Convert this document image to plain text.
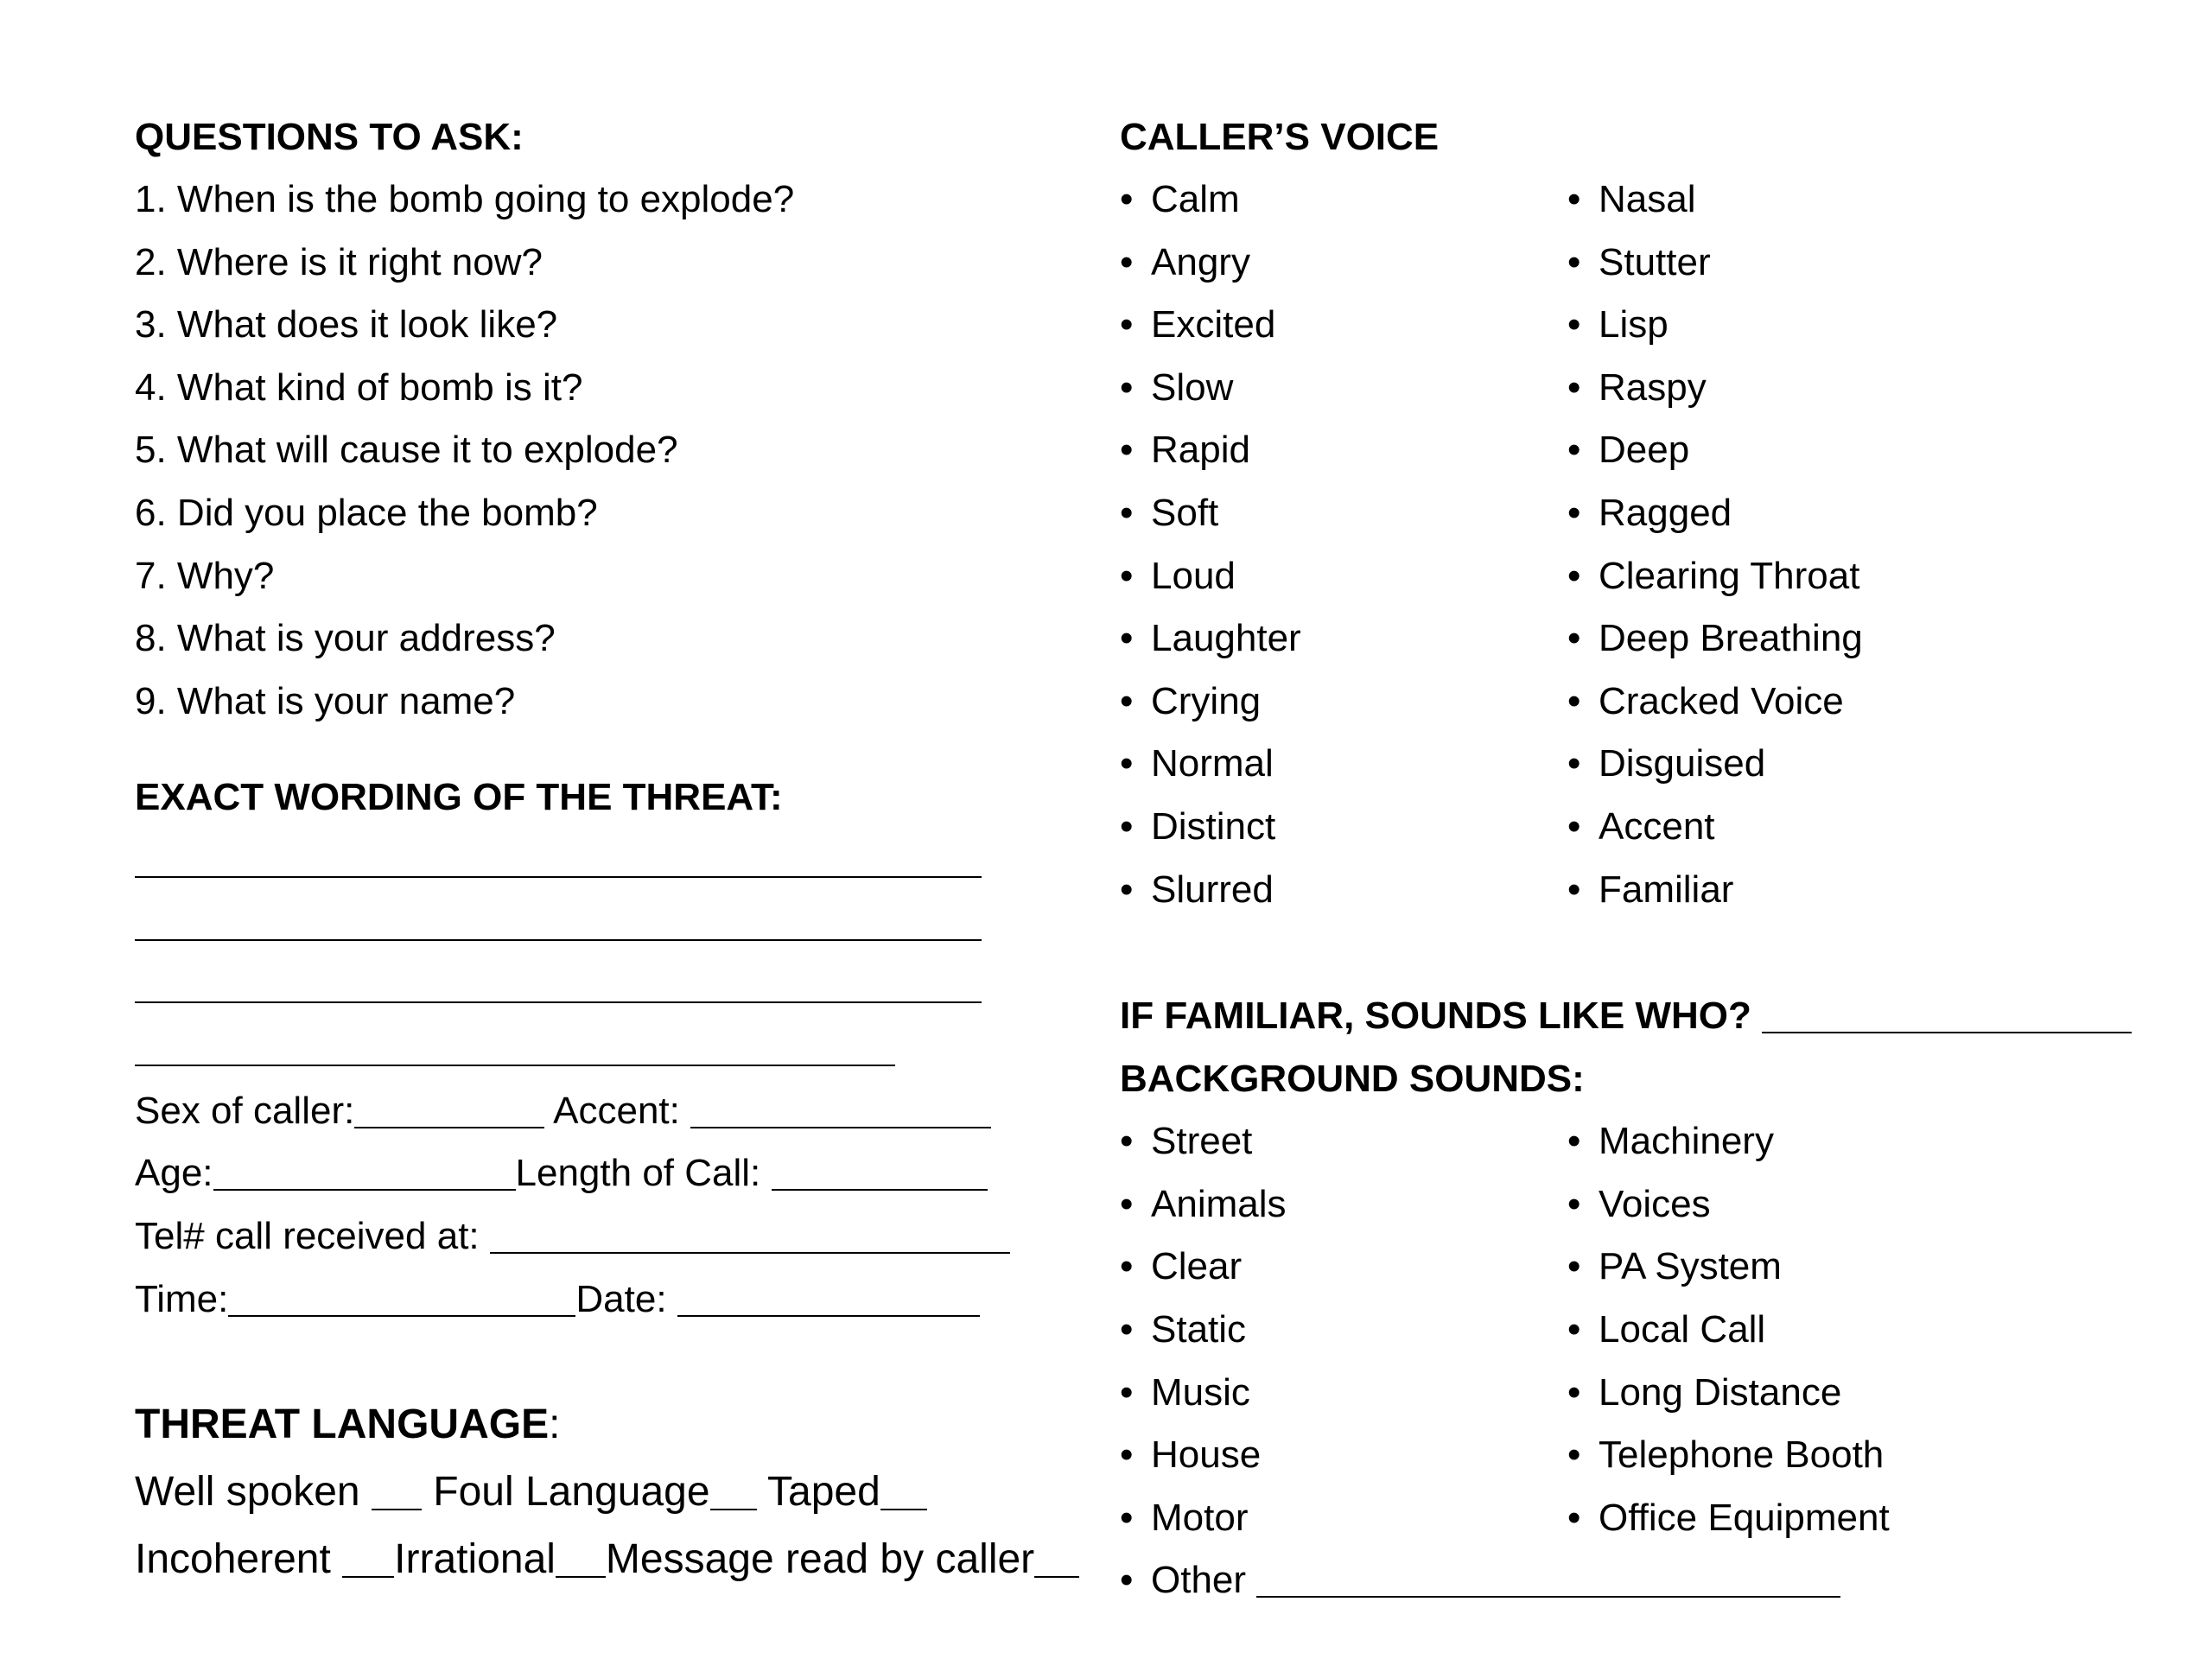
QUESTIONS TO ASK:
1. When is the bomb going to explode?
2. Where is it right now?
3. What does it look like?
4. What kind of bomb is it?
5. What will cause it to explode?
6. Did you place the bomb?
7. Why?
8. What is your address?
9. What is your name?
EXACT WORDING OF THE THREAT:
Sex of caller:	Accent:
Age:	Length of Call:
Tel# call received at:
Time:	Date:
THREAT LANGUAGE:
Well spoken Foul Language Taped
Incoherent Irrational Message read by caller
CALLER’S VOICE
• Calm
• Angry
• Excited
• Slow
• Rapid
• Soft
• Loud
• Laughter
• Crying
• Normal
• Distinct
• Slurred
• Nasal
• Stutter
• Lisp
• Raspy
• Deep
• Ragged
• Clearing Throat
• Deep Breathing
• Cracked Voice
• Disguised
• Accent
• Familiar
IF FAMILIAR, SOUNDS LIKE WHO?
BACKGROUND SOUNDS:
• Street
• Animals
• Clear
• Static
• Music
• House
• Motor
• Machinery
• Voices
• PA System
• Local Call
• Long Distance
• Telephone Booth
• Office Equipment
• Other
